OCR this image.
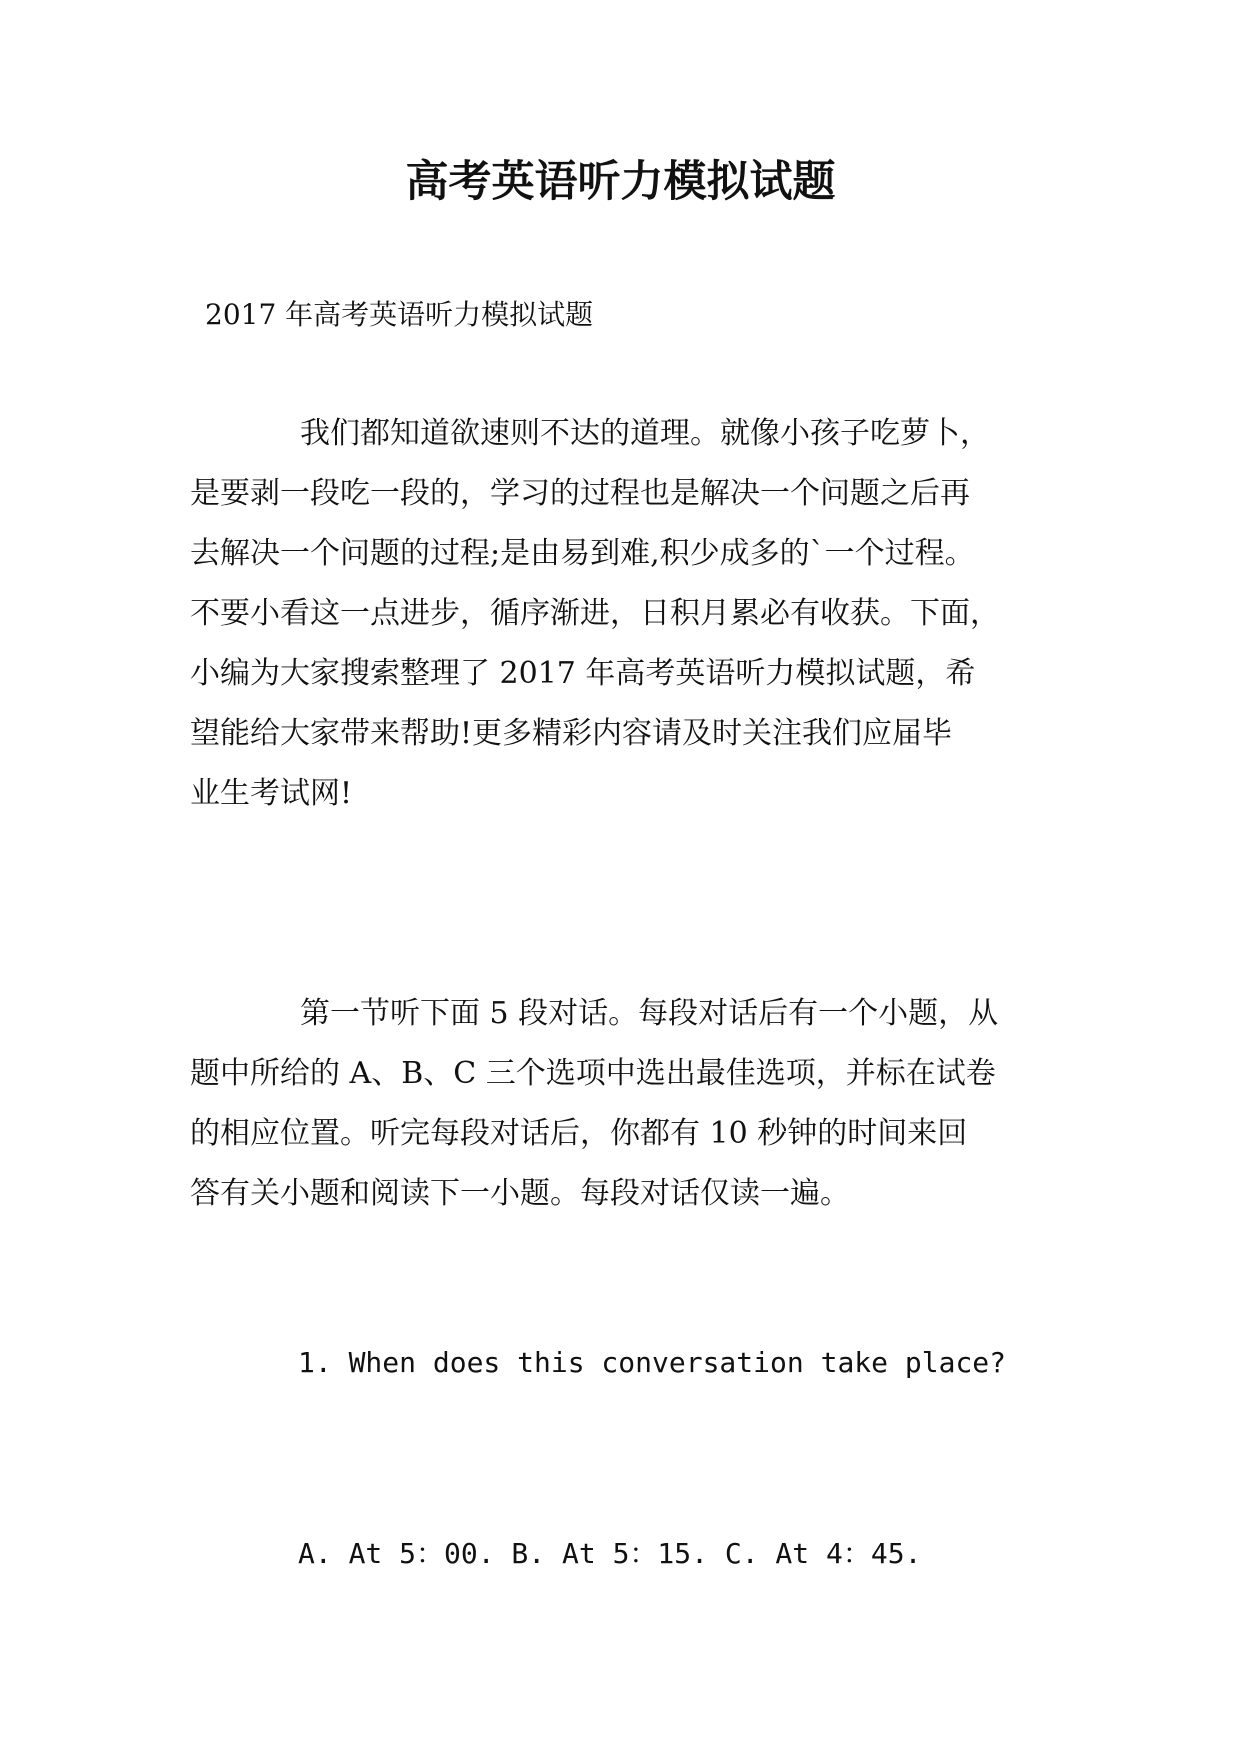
高考英语听力模拟试题

2017 年高考英语听力模拟试题

我们都知道欲速则不达的道理。就像小孩子吃萝卜，
是要剥一段吃一段的，学习的过程也是解决一个问题之后再
去解决一个问题的过程;是由易到难,积少成多的`一个过程。
不要小看这一点进步，循序渐进，日积月累必有收获。下面，
小编为大家搜索整理了 2017 年高考英语听力模拟试题，希
望能给大家带来帮助!更多精彩内容请及时关注我们应届毕
业生考试网!
第一节听下面 5 段对话。每段对话后有一个小题，从
题中所给的 A、B、C 三个选项中选出最佳选项，并标在试卷
的相应位置。听完每段对话后，你都有 10 秒钟的时间来回
答有关小题和阅读下一小题。每段对话仅读一遍。

1. When does this conversation take place?

A. At 5：00. B. At 5：15. C. At 4：45.
